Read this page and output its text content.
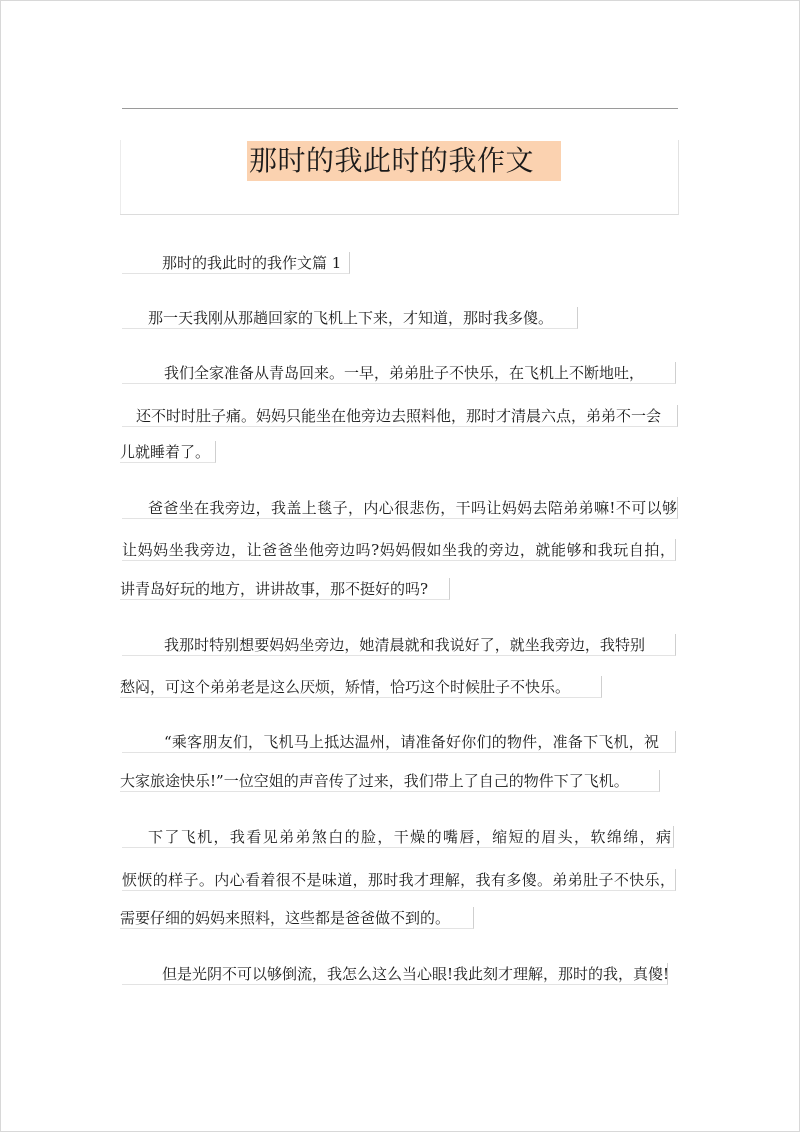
那时的我此时的我作文
那时的我此时的我作文篇 1
那一天我刚从那趟回家的飞机上下来，才知道，那时我多傻。
我们全家准备从青岛回来。一早，弟弟肚子不快乐，在飞机上不断地吐，
还不时时肚子痛。妈妈只能坐在他旁边去照料他，那时才清晨六点，弟弟不一会
儿就睡着了。
爸爸坐在我旁边，我盖上毯子，内心很悲伤，干吗让妈妈去陪弟弟嘛!不可以够
让妈妈坐我旁边，让爸爸坐他旁边吗?妈妈假如坐我的旁边，就能够和我玩自拍，
讲青岛好玩的地方，讲讲故事，那不挺好的吗?
我那时特别想要妈妈坐旁边，她清晨就和我说好了，就坐我旁边，我特别
愁闷，可这个弟弟老是这么厌烦，矫情，恰巧这个时候肚子不快乐。
“乘客朋友们，飞机马上抵达温州，请准备好你们的物件，准备下飞机，祝
大家旅途快乐!”一位空姐的声音传了过来，我们带上了自己的物件下了飞机。
下了飞机，我看见弟弟煞白的脸，干燥的嘴唇，缩短的眉头，软绵绵，病
恹恹的样子。内心看着很不是味道，那时我才理解，我有多傻。弟弟肚子不快乐，
需要仔细的妈妈来照料，这些都是爸爸做不到的。
但是光阴不可以够倒流，我怎么这么当心眼!我此刻才理解，那时的我，真傻!
